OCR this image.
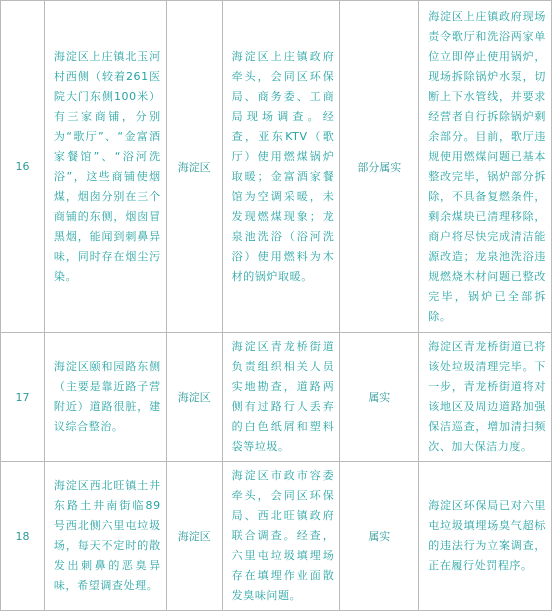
16	海淀区上庄镇北玉河村西侧（较着261医院大门东侧100米）有三家商铺，分别为“歌厅”、“金富酒家餐馆”、“浴河洗浴”，这些商铺使烟煤，烟囱分别在三个商铺的东侧，烟囱冒黑烟，能闻到刺鼻异味，同时存在烟尘污染。	海淀区	海淀区上庄镇政府牵头，会同区环保局、商务委、工商局现场调查。经查，亚东KTV（歌厅）使用燃煤锅炉取暖；金富酒家餐馆为空调采暖，未发现燃煤现象；龙泉池洗浴（浴河洗浴）使用燃料为木材的锅炉取暖。	部分属实	海淀区上庄镇政府现场责令歌厅和洗浴两家单位立即停止使用锅炉，现场拆除锅炉水泵，切断上下水管线，并要求经营者自行拆除锅炉剩余部分。目前，歌厅违规使用燃煤问题已基本整改完毕，锅炉部分拆除，不具备复燃条件，剩余煤块已清理移除，商户将尽快完成清洁能源改造；龙泉池洗浴违规燃烧木材问题已整改完毕，锅炉已全部拆除。
17	海淀区颐和园路东侧（主要是靠近路子营附近）道路很脏，建议综合整治。	海淀区	海淀区青龙桥街道负责组织相关人员实地勘查，道路两侧有过路行人丢弃的白色纸屑和塑料袋等垃圾。	属实	海淀区青龙桥街道已将该处垃圾清理完毕。下一步，青龙桥街道将对该地区及周边道路加强保洁巡查，增加清扫频次、加大保洁力度。
18	海淀区西北旺镇土井东路土井南街临89号西北侧六里屯垃圾场，每天不定时的散发出刺鼻的恶臭异味，希望调查处理。	海淀区	海淀区市政市容委牵头，会同区环保局、西北旺镇政府联合调查。经查，六里屯垃圾填埋场存在填埋作业面散发臭味问题。	属实	海淀区环保局已对六里屯垃圾填埋场臭气超标的违法行为立案调查，正在履行处罚程序。
